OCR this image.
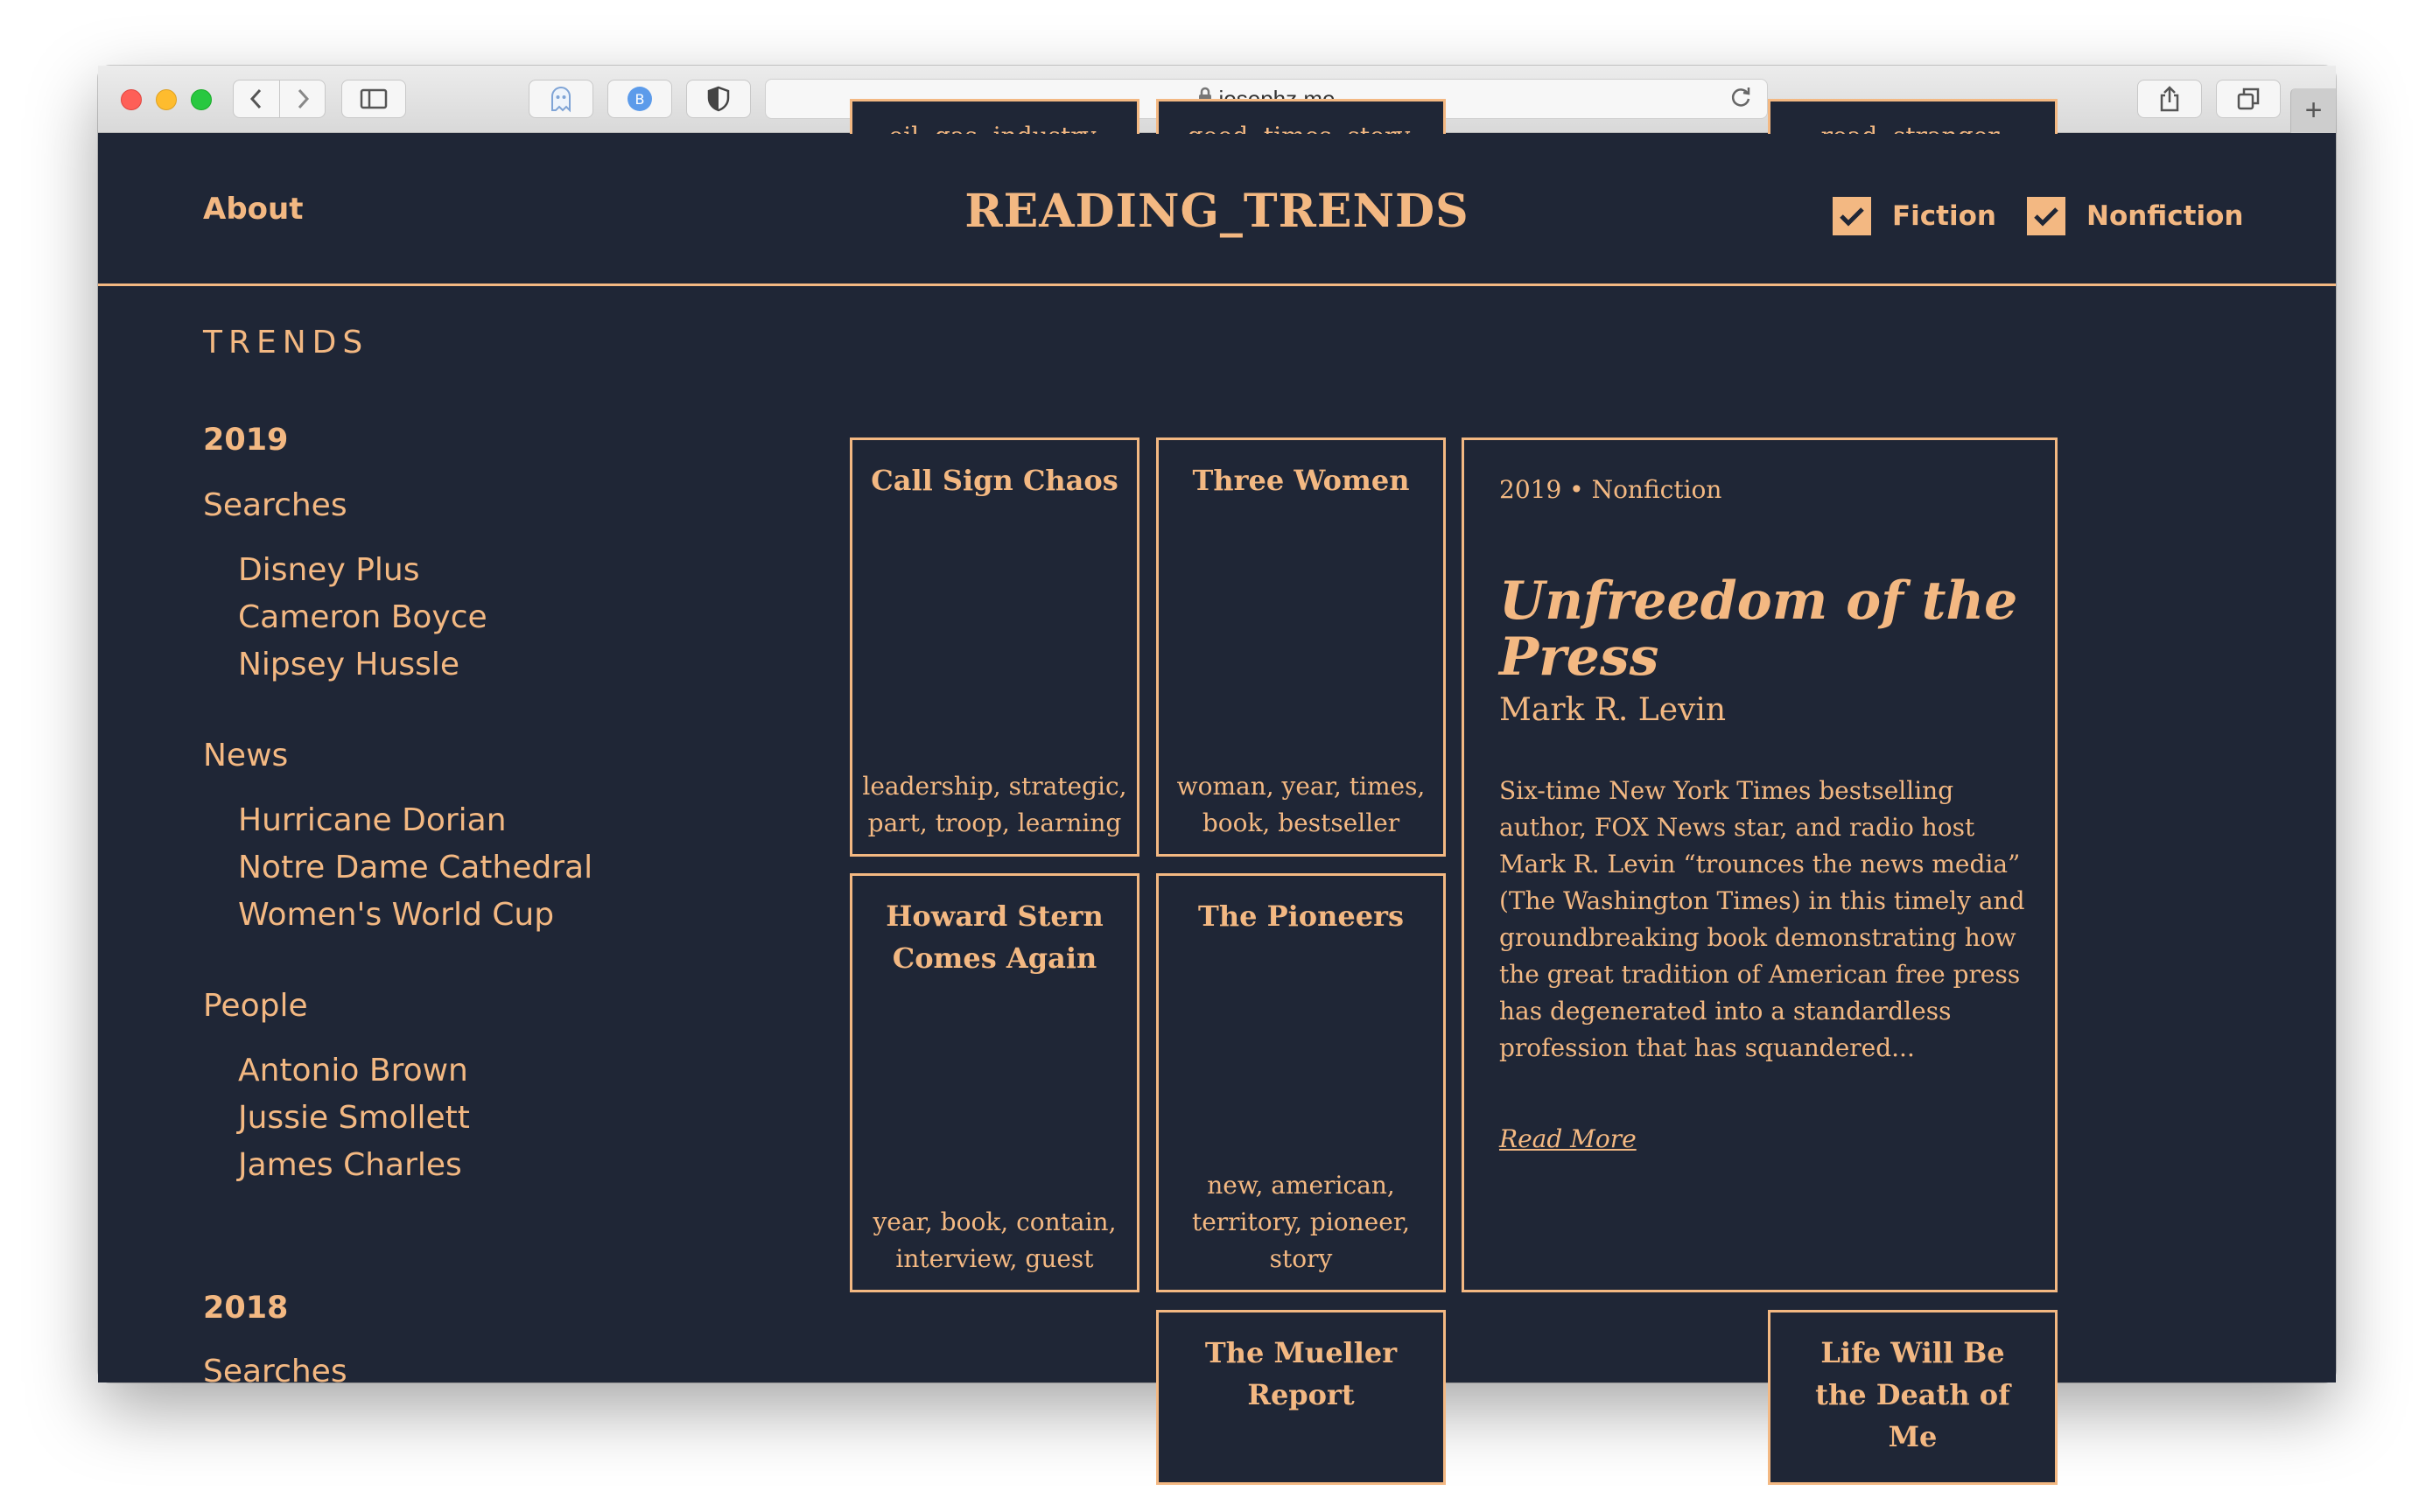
B	+

Call Sign Chaos
leadership, strategic, part, troop, learning
Three Women
woman, year, times, book, bestseller
Howard Stern Comes Again
year, book, contain, interview, guest
The Pioneers
new, american, territory, pioneer, story
The Mueller Report
Life Will Be the Death of Me
2019 • Nonfiction
Unfreedom of the Press
Mark R. Levin
Six-time New York Times bestselling author, FOX News star, and radio host Mark R. Levin “trounces the news media” (The Washington Times) in this timely and groundbreaking book demonstrating how the great tradition of American free press has degenerated into a standardless profession that has squandered...
Read More
TRENDS
2019
Searches
Disney Plus
Cameron Boyce
Nipsey Hussle
News
Hurricane Dorian
Notre Dame Cathedral
Women's World Cup
People
Antonio Brown
Jussie Smollett
James Charles
2018
Searches
About	READING_TRENDS	Fiction	Nonfiction
